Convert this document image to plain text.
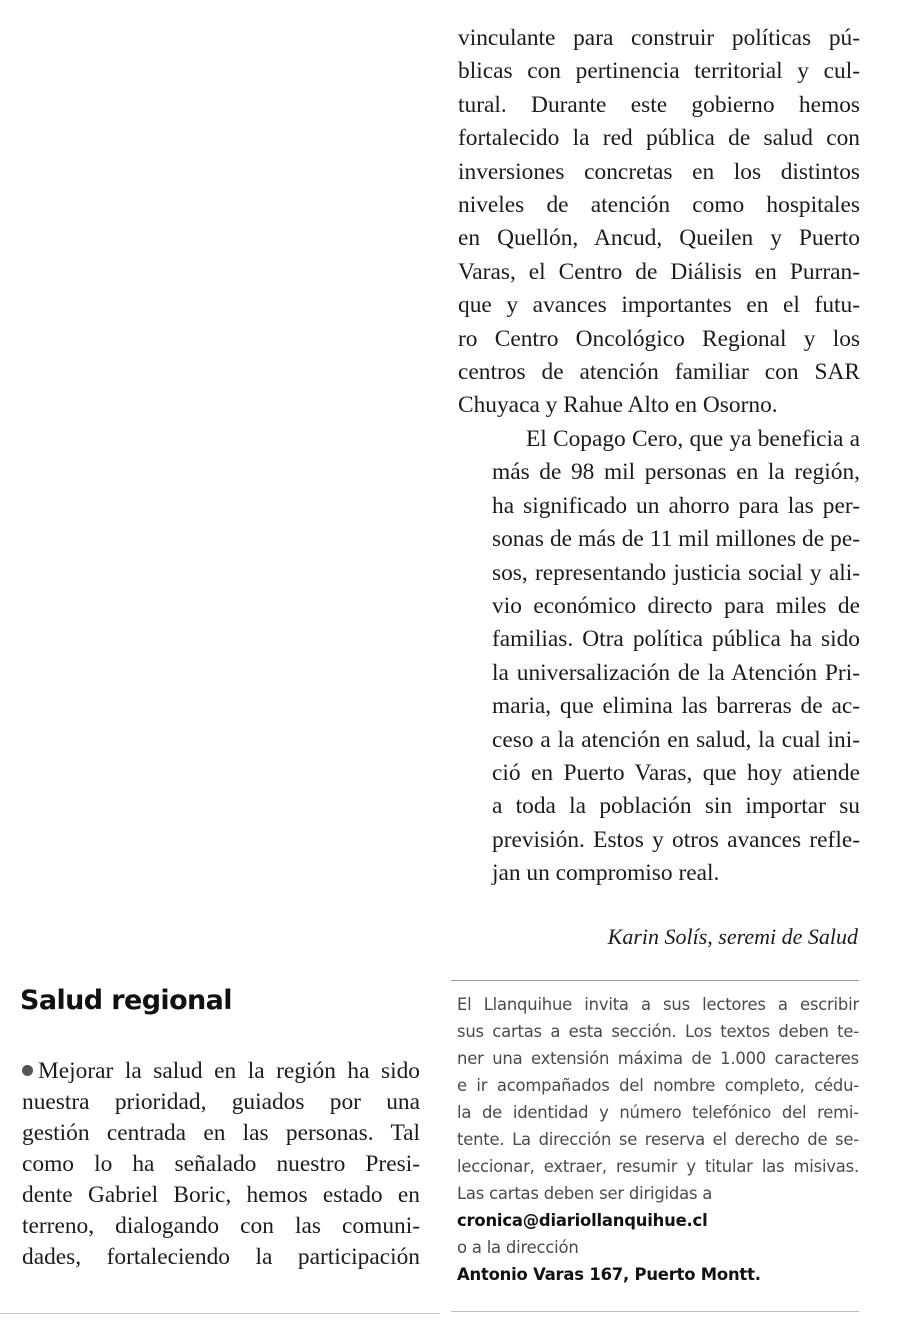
vinculante para construir políticas pú-
blicas con pertinencia territorial y cul-
tural. Durante este gobierno hemos
fortalecido la red pública de salud con
inversiones concretas en los distintos
niveles de atención como hospitales
en Quellón, Ancud, Queilen y Puerto
Varas, el Centro de Diálisis en Purran-
que y avances importantes en el futu-
ro Centro Oncológico Regional y los
centros de atención familiar con SAR
Chuyaca y Rahue Alto en Osorno.

El Copago Cero, que ya beneficia a
más de 98 mil personas en la región,
ha significado un ahorro para las per-
sonas de más de 11 mil millones de pe-
sos, representando justicia social y ali-
vio económico directo para miles de
familias. Otra política pública ha sido
la universalización de la Atención Pri-
maria, que elimina las barreras de ac-
ceso a la atención en salud, la cual ini-
ció en Puerto Varas, que hoy atiende
a toda la población sin importar su
previsión. Estos y otros avances refle-
jan un compromiso real.

Karin Solís, seremi de Salud
El Llanquihue invita a sus lectores a escribir
sus cartas a esta sección. Los textos deben te-
ner una extensión máxima de 1.000 caracteres
e ir acompañados del nombre completo, cédu-
la de identidad y número telefónico del remi-
tente. La dirección se reserva el derecho de se-
leccionar, extraer, resumir y titular las misivas.
Las cartas deben ser dirigidas a
cronica@diariollanquihue.cl
o a la dirección
Antonio Varas 167, Puerto Montt.
Salud regional
Mejorar la salud en la región ha sido
nuestra prioridad, guiados por una
gestión centrada en las personas. Tal
como lo ha señalado nuestro Presi-
dente Gabriel Boric, hemos estado en
terreno, dialogando con las comuni-
dades, fortaleciendo la participación
